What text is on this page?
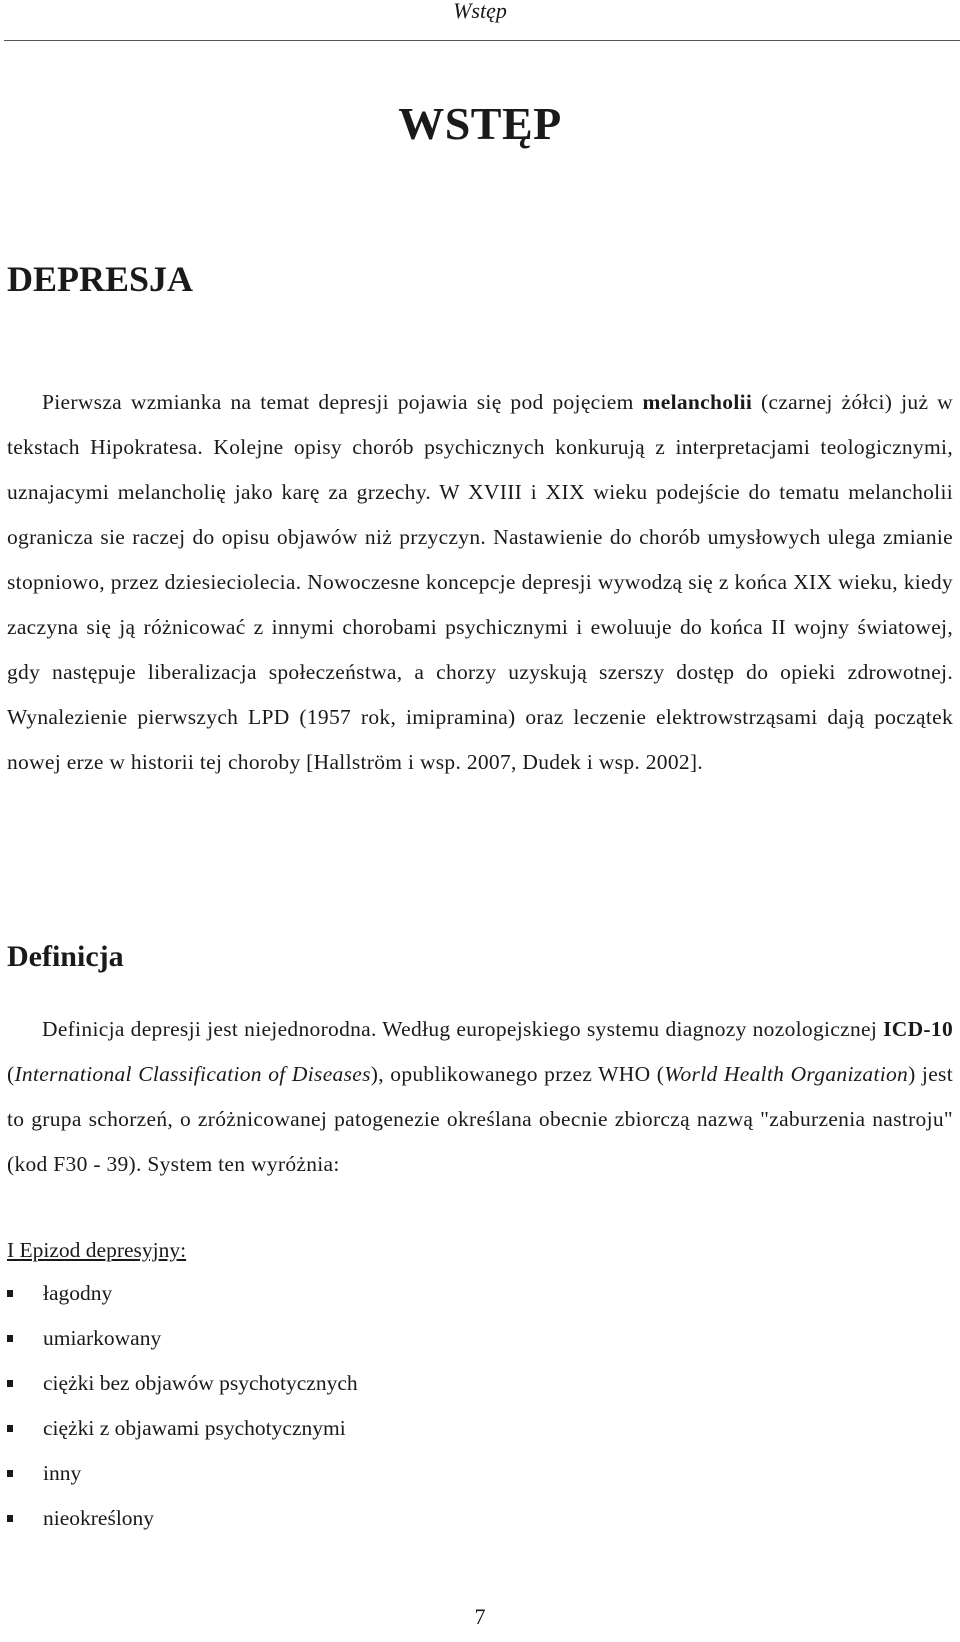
Wstęp
WSTĘP
DEPRESJA

Pierwsza wzmianka na temat depresji pojawia się pod pojęciem melancholii (czarnej żółci) już w tekstach Hipokratesa. Kolejne opisy chorób psychicznych konkurują z interpretacjami teologicznymi, uznajacymi melancholię jako karę za grzechy. W XVIII i XIX wieku podejście do tematu melancholii ogranicza sie raczej do opisu objawów niż przyczyn. Nastawienie do chorób umysłowych ulega zmianie stopniowo, przez dziesieciolecia. Nowoczesne koncepcje depresji wywodzą się z końca XIX wieku, kiedy zaczyna się ją różnicować z innymi chorobami psychicznymi i ewoluuje do końca II wojny światowej, gdy następuje liberalizacja społeczeństwa, a chorzy uzyskują szerszy dostęp do opieki zdrowotnej. Wynalezienie pierwszych LPD (1957 rok, imipramina) oraz leczenie elektrowstrząsami dają początek nowej erze w historii tej choroby [Hallström i wsp. 2007, Dudek i wsp. 2002].

Definicja

Definicja depresji jest niejednorodna. Według europejskiego systemu diagnozy nozologicznej ICD-10 (International Classification of Diseases), opublikowanego przez WHO (World Health Organization) jest to grupa schorzeń, o zróżnicowanej patogenezie określana obecnie zbiorczą nazwą "zaburzenia nastroju" (kod F30 - 39). System ten wyróżnia:

I Epizod depresyjny:

łagodny
umiarkowany
ciężki bez objawów psychotycznych
ciężki z objawami psychotycznymi
inny
nieokreślony
7
